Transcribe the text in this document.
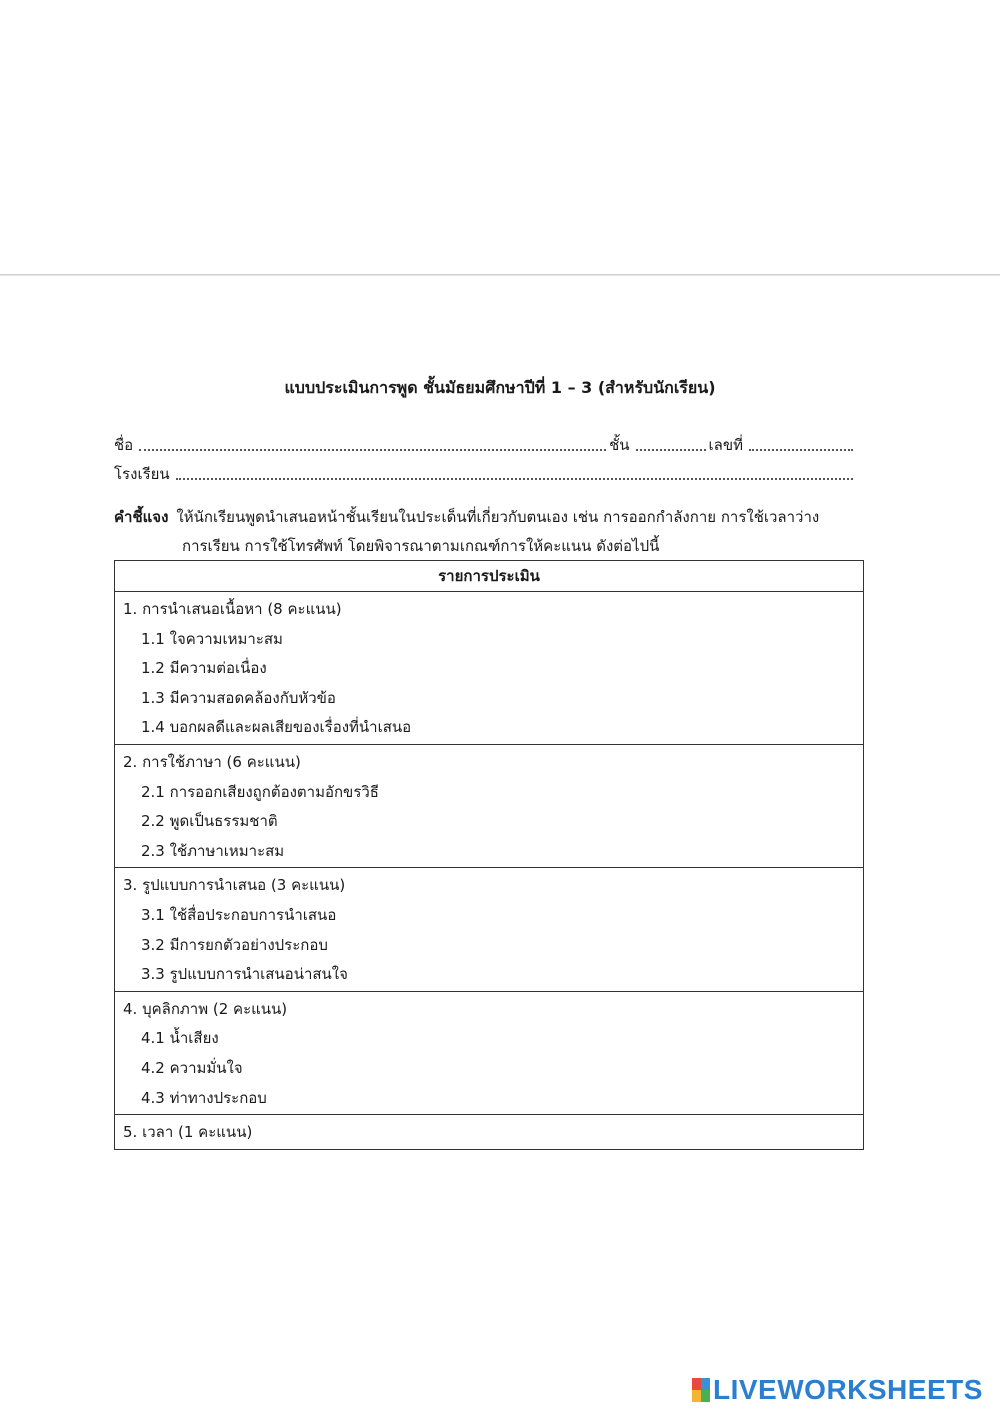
แบบประเมินการพูด ชั้นมัธยมศึกษาปีที่ 1 – 3 (สำหรับนักเรียน)
ชื่อ	ชั้น	เลขที่
โรงเรียน
คำชี้แจง ให้นักเรียนพูดนำเสนอหน้าชั้นเรียนในประเด็นที่เกี่ยวกับตนเอง เช่น การออกกำลังกาย การใช้เวลาว่าง
การเรียน การใช้โทรศัพท์ โดยพิจารณาตามเกณฑ์การให้คะแนน ดังต่อไปนี้
รายการประเมิน
1. การนำเสนอเนื้อหา (8 คะแนน)
1.1 ใจความเหมาะสม
1.2 มีความต่อเนื่อง
1.3 มีความสอดคล้องกับหัวข้อ
1.4 บอกผลดีและผลเสียของเรื่องที่นำเสนอ
2. การใช้ภาษา (6 คะแนน)
2.1 การออกเสียงถูกต้องตามอักขรวิธี
2.2 พูดเป็นธรรมชาติ
2.3 ใช้ภาษาเหมาะสม
3. รูปแบบการนำเสนอ (3 คะแนน)
3.1 ใช้สื่อประกอบการนำเสนอ
3.2 มีการยกตัวอย่างประกอบ
3.3 รูปแบบการนำเสนอน่าสนใจ
4. บุคลิกภาพ (2 คะแนน)
4.1 น้ำเสียง
4.2 ความมั่นใจ
4.3 ท่าทางประกอบ
5. เวลา (1 คะแนน)
LIVEWORKSHEETS
